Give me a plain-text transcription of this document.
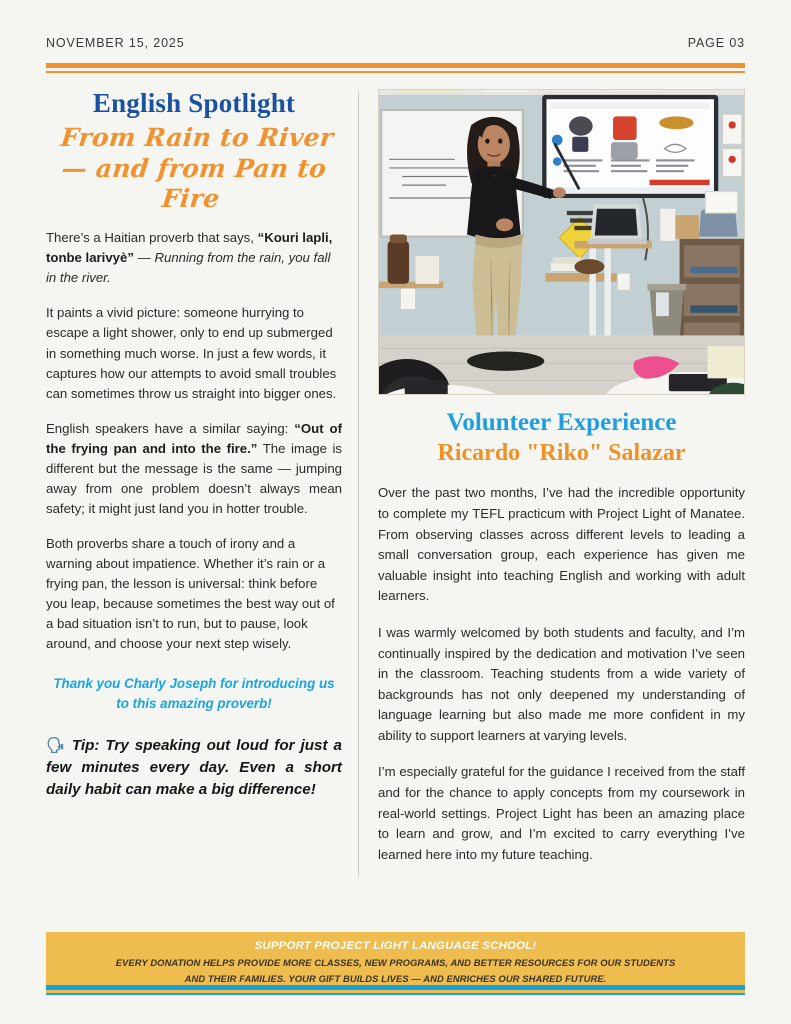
NOVEMBER 15, 2025	PAGE 03
English Spotlight
From Rain to River — and from Pan to Fire

There’s a Haitian proverb that says, “Kouri lapli, tonbe larivyè” — Running from the rain, you fall in the river.

It paints a vivid picture: someone hurrying to escape a light shower, only to end up submerged in something much worse. In just a few words, it captures how our attempts to avoid small troubles can sometimes throw us straight into bigger ones.

English speakers have a similar saying: “Out of the frying pan and into the fire.” The image is different but the message is the same — jumping away from one problem doesn’t always mean safety; it might just land you in hotter trouble.

Both proverbs share a touch of irony and a warning about impatience. Whether it’s rain or a frying pan, the lesson is universal: think before you leap, because sometimes the best way out of a bad situation isn’t to run, but to pause, look around, and choose your next step wisely.

Thank you Charly Joseph for introducing us to this amazing proverb!

🗣 Tip: Try speaking out loud for just a few minutes every day. Even a short daily habit can make a big difference!

Volunteer Experience
Ricardo "Riko" Salazar

Over the past two months, I’ve had the incredible opportunity to complete my TEFL practicum with Project Light of Manatee. From observing classes across different levels to leading a small conversation group, each experience has given me valuable insight into teaching English and working with adult learners.

I was warmly welcomed by both students and faculty, and I’m continually inspired by the dedication and motivation I’ve seen in the classroom. Teaching students from a wide variety of backgrounds has not only deepened my understanding of language learning but also made me more confident in my ability to support learners at varying levels.

I’m especially grateful for the guidance I received from the staff and for the chance to apply concepts from my coursework in real-world settings. Project Light has been an amazing place to learn and grow, and I’m excited to carry everything I’ve learned here into my future teaching.

SUPPORT PROJECT LIGHT LANGUAGE SCHOOL!
EVERY DONATION HELPS PROVIDE MORE CLASSES, NEW PROGRAMS, AND BETTER RESOURCES FOR OUR STUDENTS
AND THEIR FAMILIES. YOUR GIFT BUILDS LIVES — AND ENRICHES OUR SHARED FUTURE.
